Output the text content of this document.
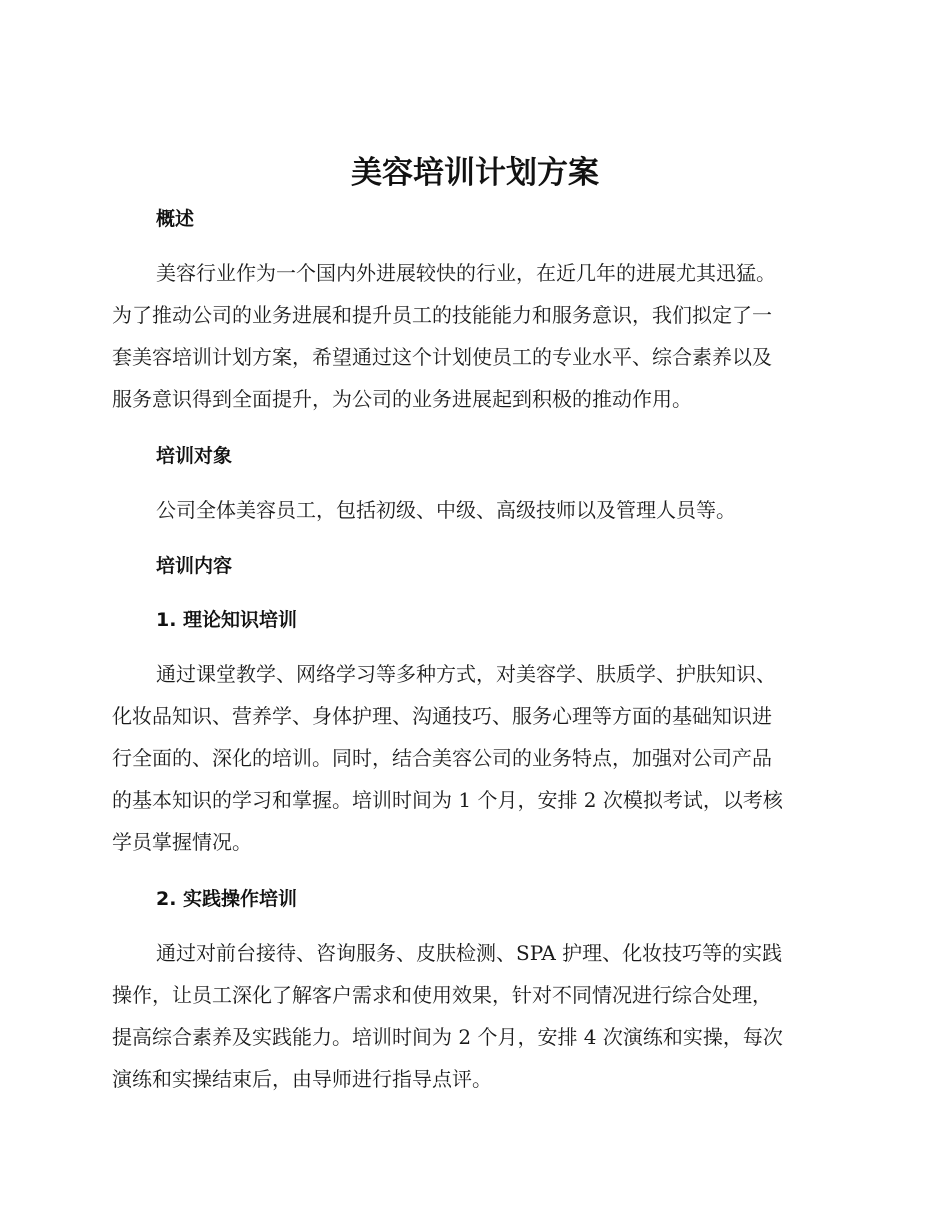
美容培训计划方案
概述
美容行业作为一个国内外进展较快的行业，在近几年的进展尤其迅猛。
为了推动公司的业务进展和提升员工的技能能力和服务意识，我们拟定了一
套美容培训计划方案，希望通过这个计划使员工的专业水平、综合素养以及
服务意识得到全面提升，为公司的业务进展起到积极的推动作用。
培训对象
公司全体美容员工，包括初级、中级、高级技师以及管理人员等。
培训内容
1. 理论知识培训
通过课堂教学、网络学习等多种方式，对美容学、肤质学、护肤知识、
化妆品知识、营养学、身体护理、沟通技巧、服务心理等方面的基础知识进
行全面的、深化的培训。同时，结合美容公司的业务特点，加强对公司产品
的基本知识的学习和掌握。培训时间为 1 个月，安排 2 次模拟考试，以考核
学员掌握情况。
2. 实践操作培训
通过对前台接待、咨询服务、皮肤检测、SPA 护理、化妆技巧等的实践
操作，让员工深化了解客户需求和使用效果，针对不同情况进行综合处理，
提高综合素养及实践能力。培训时间为 2 个月，安排 4 次演练和实操，每次
演练和实操结束后，由导师进行指导点评。
